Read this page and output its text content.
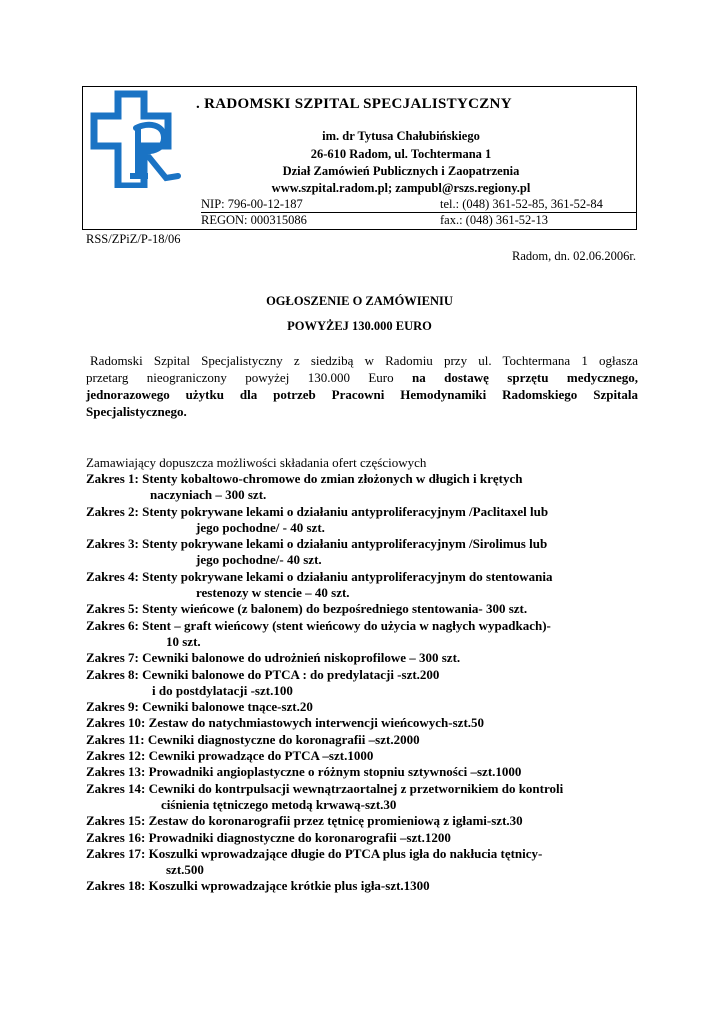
. RADOMSKI SZPITAL SPECJALISTYCZNY
im. dr Tytusa Chałubińskiego
26-610 Radom, ul. Tochtermana 1
Dział Zamówień Publicznych i Zaopatrzenia
www.szpital.radom.pl; zampubl@rszs.regiony.pl
NIP: 796-00-12-187	tel.: (048) 361-52-85, 361-52-84
REGON: 000315086	fax.: (048) 361-52-13
RSS/ZPiZ/P-18/06
Radom, dn. 02.06.2006r.
OGŁOSZENIE O ZAMÓWIENIU
POWYŻEJ 130.000 EURO
Radomski Szpital Specjalistyczny z siedzibą w Radomiu przy ul. Tochtermana 1 ogłasza
przetarg nieograniczony powyżej 130.000 Euro na dostawę sprzętu medycznego,
jednorazowego użytku dla potrzeb Pracowni Hemodynamiki Radomskiego Szpitala
Specjalistycznego.
Zamawiający dopuszcza możliwości składania ofert częściowych
Zakres 1: Stenty kobaltowo-chromowe do zmian złożonych w długich i krętych
naczyniach – 300 szt.
Zakres 2: Stenty pokrywane lekami o działaniu antyproliferacyjnym /Paclitaxel lub
jego pochodne/ - 40 szt.
Zakres 3: Stenty pokrywane lekami o działaniu antyproliferacyjnym /Sirolimus lub
jego pochodne/- 40 szt.
Zakres 4: Stenty pokrywane lekami o działaniu antyproliferacyjnym do stentowania
restenozy w stencie – 40 szt.
Zakres 5: Stenty wieńcowe (z balonem) do bezpośredniego stentowania- 300 szt.
Zakres 6: Stent – graft wieńcowy (stent wieńcowy do użycia w nagłych wypadkach)-
10 szt.
Zakres 7: Cewniki balonowe do udrożnień niskoprofilowe – 300 szt.
Zakres 8: Cewniki balonowe do PTCA : do predylatacji -szt.200
i do postdylatacji -szt.100
Zakres 9: Cewniki balonowe tnące-szt.20
Zakres 10: Zestaw do natychmiastowych interwencji wieńcowych-szt.50
Zakres 11: Cewniki diagnostyczne do koronagrafii –szt.2000
Zakres 12: Cewniki prowadzące do PTCA –szt.1000
Zakres 13: Prowadniki angioplastyczne o różnym stopniu sztywności –szt.1000
Zakres 14: Cewniki do kontrpulsacji wewnątrzaortalnej z przetwornikiem do kontroli
ciśnienia tętniczego metodą krwawą-szt.30
Zakres 15: Zestaw do koronarografii przez tętnicę promieniową z igłami-szt.30
Zakres 16: Prowadniki diagnostyczne do koronarografii –szt.1200
Zakres 17: Koszulki wprowadzające długie do PTCA plus igła do nakłucia tętnicy-
szt.500
Zakres 18: Koszulki wprowadzające krótkie plus igła-szt.1300
